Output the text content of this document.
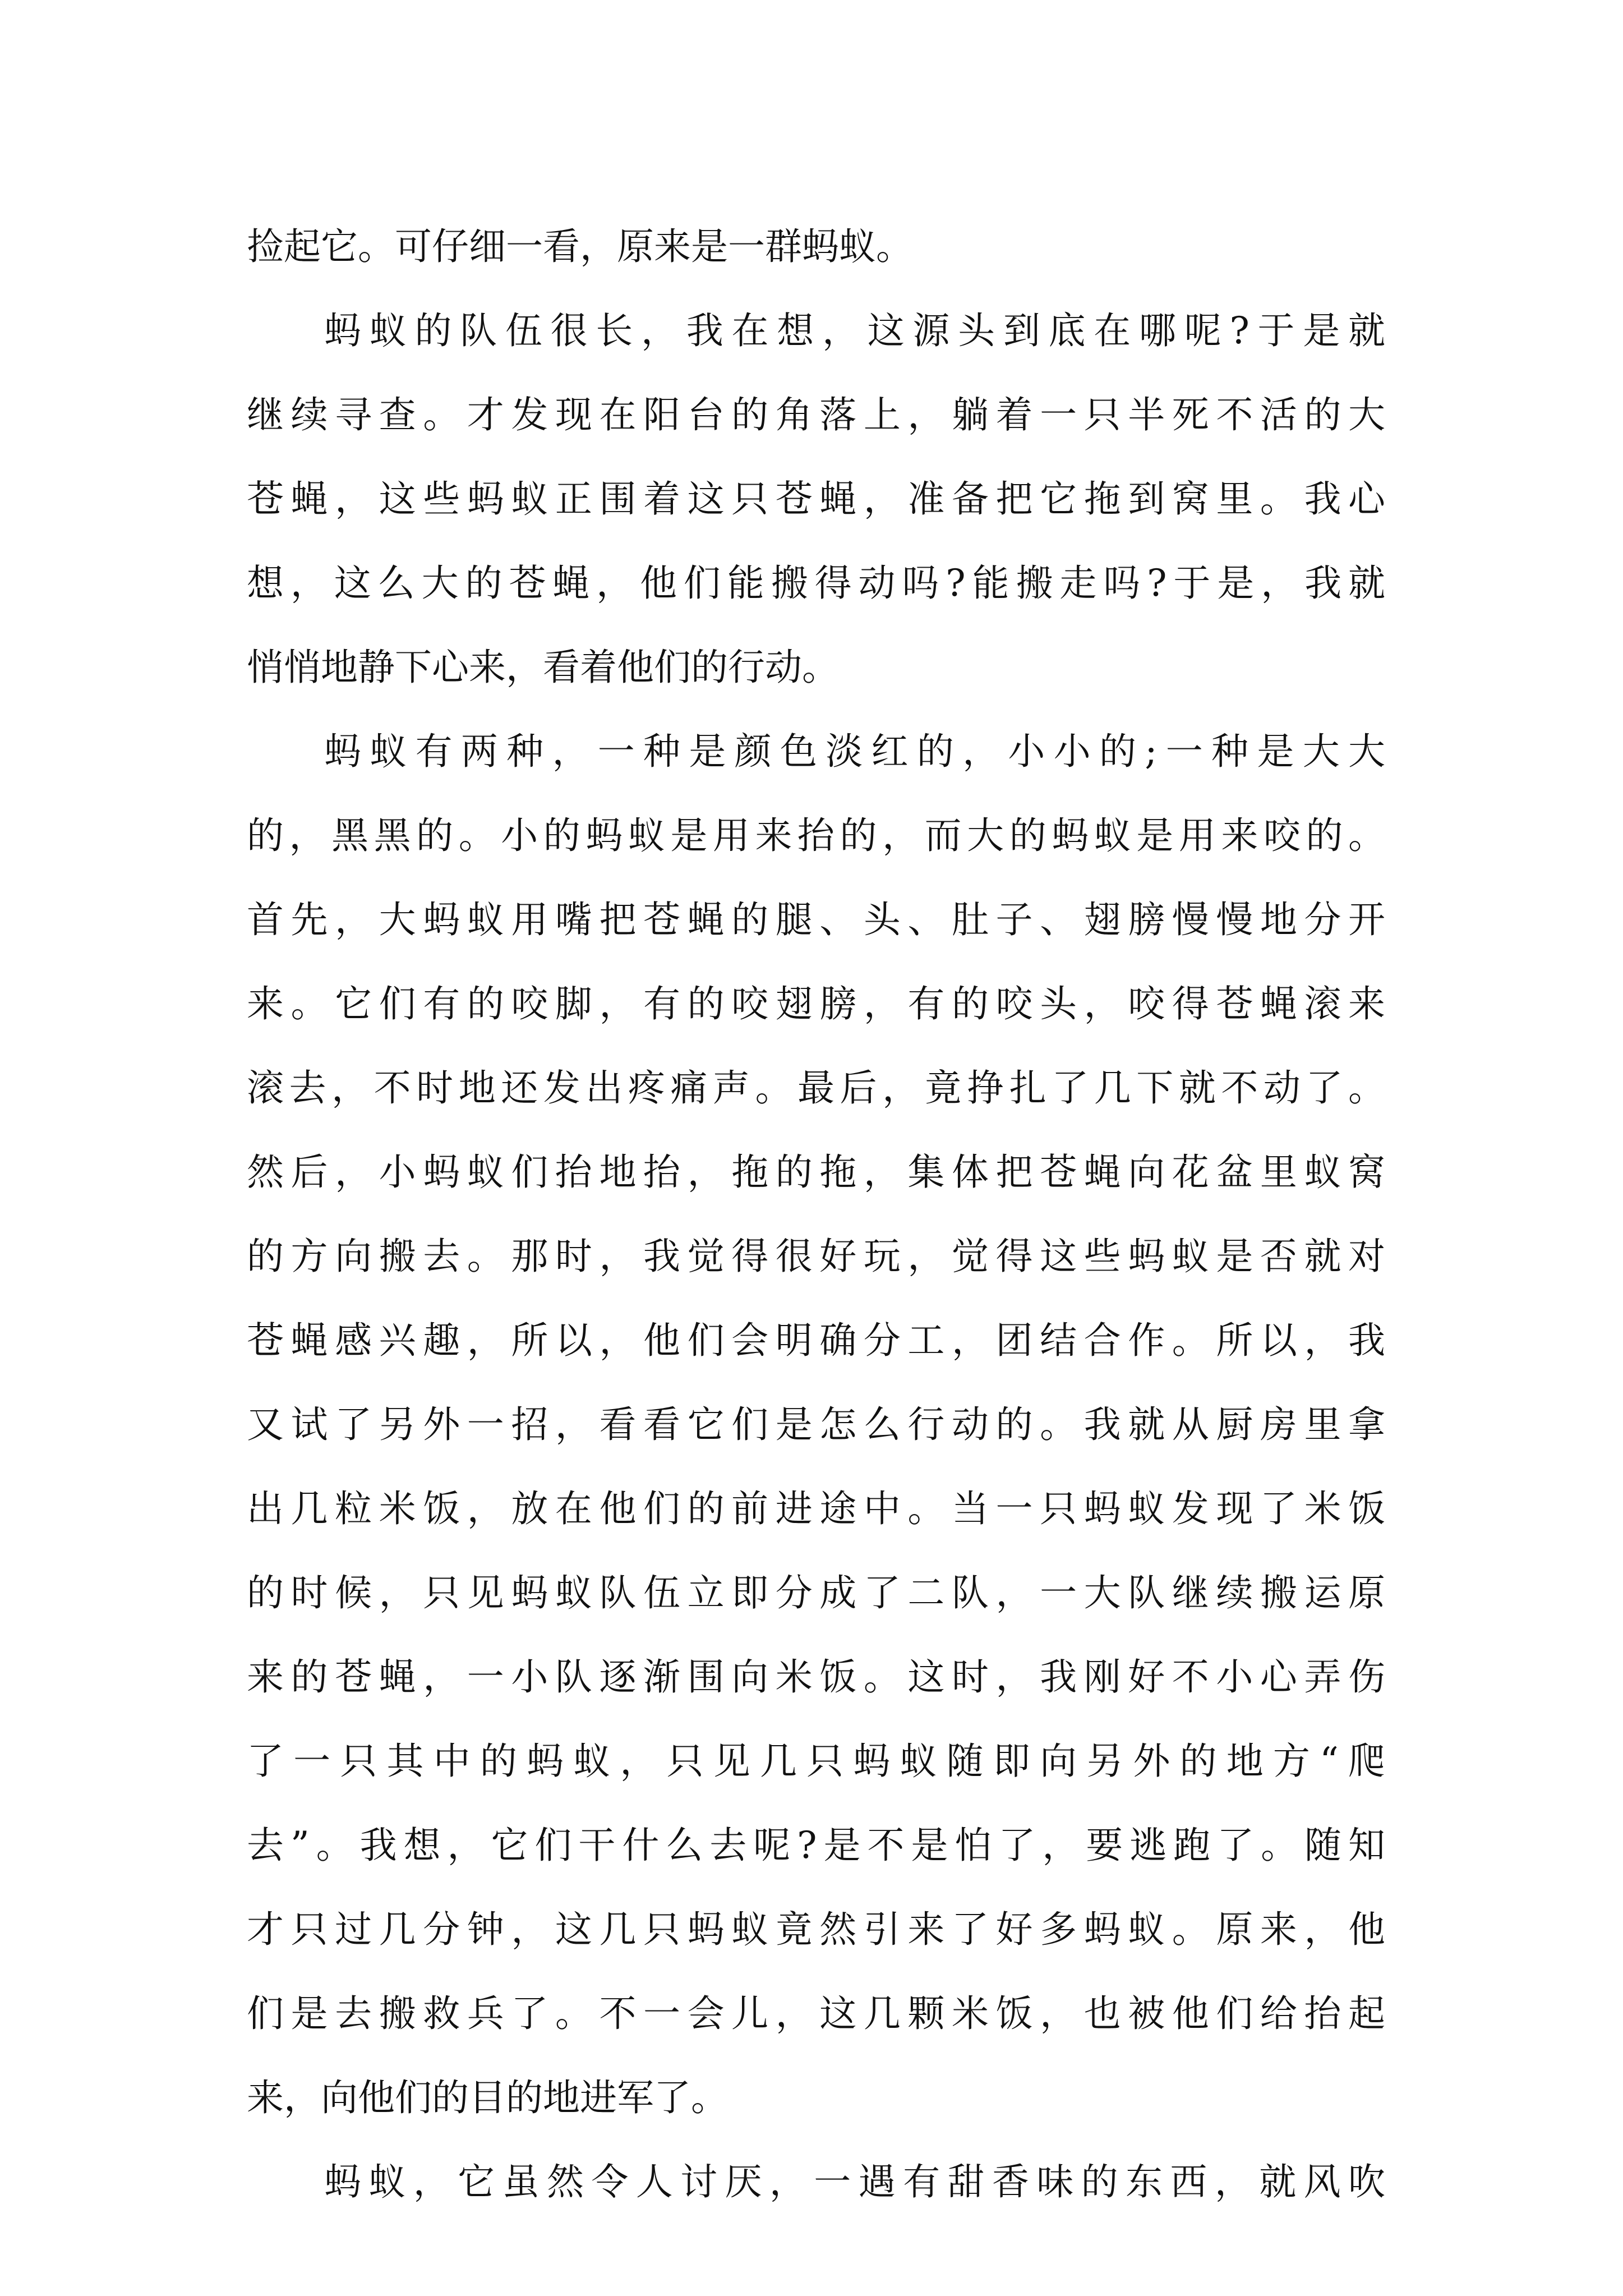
捡起它。可仔细一看，原来是一群蚂蚁。
蚂蚁的队伍很长，我在想，这源头到底在哪呢?于是就
继续寻查。才发现在阳台的角落上，躺着一只半死不活的大
苍蝇，这些蚂蚁正围着这只苍蝇，准备把它拖到窝里。我心
想，这么大的苍蝇，他们能搬得动吗?能搬走吗?于是，我就
悄悄地静下心来，看着他们的行动。
蚂蚁有两种，一种是颜色淡红的，小小的;一种是大大
的，黑黑的。小的蚂蚁是用来抬的，而大的蚂蚁是用来咬的。
首先，大蚂蚁用嘴把苍蝇的腿、头、肚子、翅膀慢慢地分开
来。它们有的咬脚，有的咬翅膀，有的咬头，咬得苍蝇滚来
滚去，不时地还发出疼痛声。最后，竟挣扎了几下就不动了。
然后，小蚂蚁们抬地抬，拖的拖，集体把苍蝇向花盆里蚁窝
的方向搬去。那时，我觉得很好玩，觉得这些蚂蚁是否就对
苍蝇感兴趣，所以，他们会明确分工，团结合作。所以，我
又试了另外一招，看看它们是怎么行动的。我就从厨房里拿
出几粒米饭，放在他们的前进途中。当一只蚂蚁发现了米饭
的时候，只见蚂蚁队伍立即分成了二队，一大队继续搬运原
来的苍蝇，一小队逐渐围向米饭。这时，我刚好不小心弄伤
了一只其中的蚂蚁，只见几只蚂蚁随即向另外的地方“爬
去”。我想，它们干什么去呢?是不是怕了，要逃跑了。随知
才只过几分钟，这几只蚂蚁竟然引来了好多蚂蚁。原来，他
们是去搬救兵了。不一会儿，这几颗米饭，也被他们给抬起
来，向他们的目的地进军了。
蚂蚁，它虽然令人讨厌，一遇有甜香味的东西，就风吹
